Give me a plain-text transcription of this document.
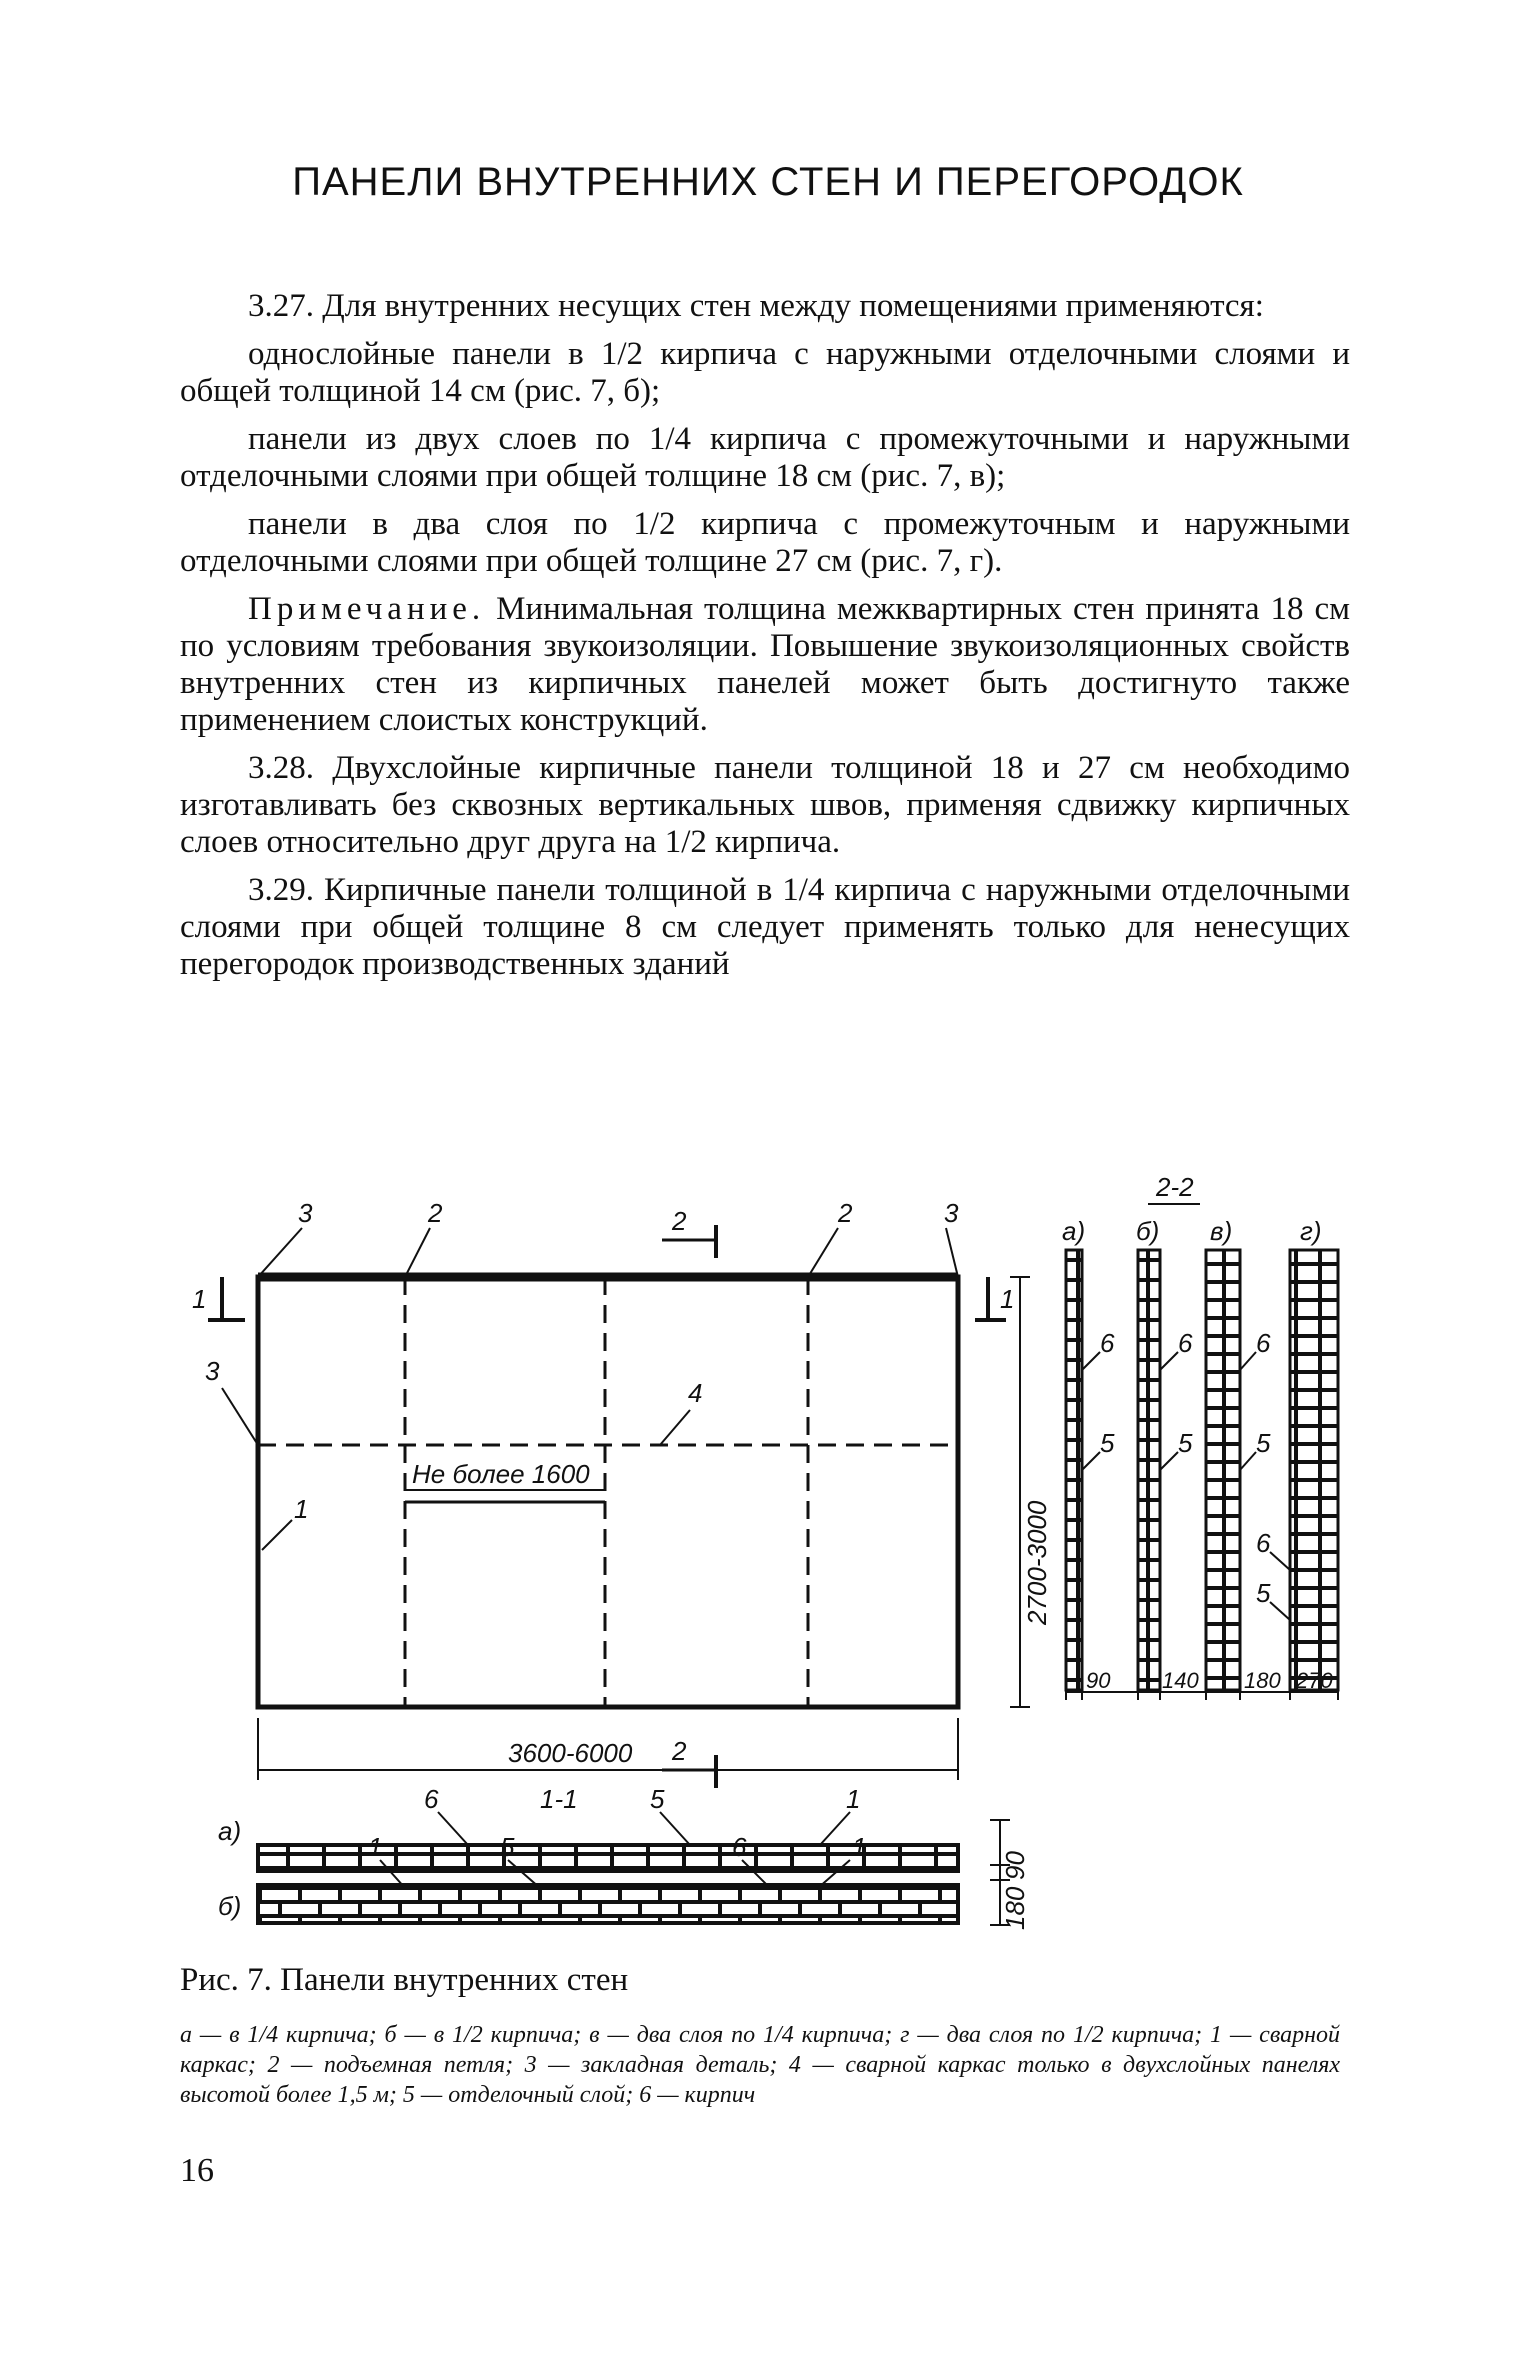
ПАНЕЛИ ВНУТРЕННИХ СТЕН И ПЕРЕГОРОДОК

3.27. Для внутренних несущих стен между помещениями применяются:

однослойные панели в 1/2 кирпича с наружными отделочными слоями и общей толщиной 14 см (рис. 7, б);

панели из двух слоев по 1/4 кирпича с промежуточными и наружными отделочными слоями при общей толщине 18 см (рис. 7, в);

панели в два слоя по 1/2 кирпича с промежуточным и наружными отделочными слоями при общей толщине 27 см (рис. 7, г).

Примечание. Минимальная толщина межквартирных стен принята 18 см по условиям требования звукоизоляции. Повышение звукоизоляционных свойств внутренних стен из кирпичных панелей может быть достигнуто также применением слоистых конструкций.

3.28. Двухслойные кирпичные панели толщиной 18 и 27 см необходимо изготавливать без сквозных вертикальных швов, применяя сдвижку кирпичных слоев относительно друг друга на 1/2 кирпича.

3.29. Кирпичные панели толщиной в 1/4 кирпича с наружными отделочными слоями при общей толщине 8 см следует применять только для ненесущих перегородок производственных зданий

3	2	2	2	3
1	1
3
4
1
Не более 1600
2700-3000
3600-6000 2
а)
6	1-1	5	1
90
б)
1	5	6	1
180
2-2
а) б) в)	г)
6
5
6
5
6
5
6
5
90 140 180 270
Рис. 7. Панели внутренних стен
а — в 1/4 кирпича; б — в 1/2 кирпича; в — два слоя по 1/4 кирпича; г — два слоя по 1/2 кирпича; 1 — сварной каркас; 2 — подъемная петля; 3 — закладная деталь; 4 — сварной каркас только в двухслойных панелях высотой более 1,5 м; 5 — отделочный слой; 6 — кирпич
16
